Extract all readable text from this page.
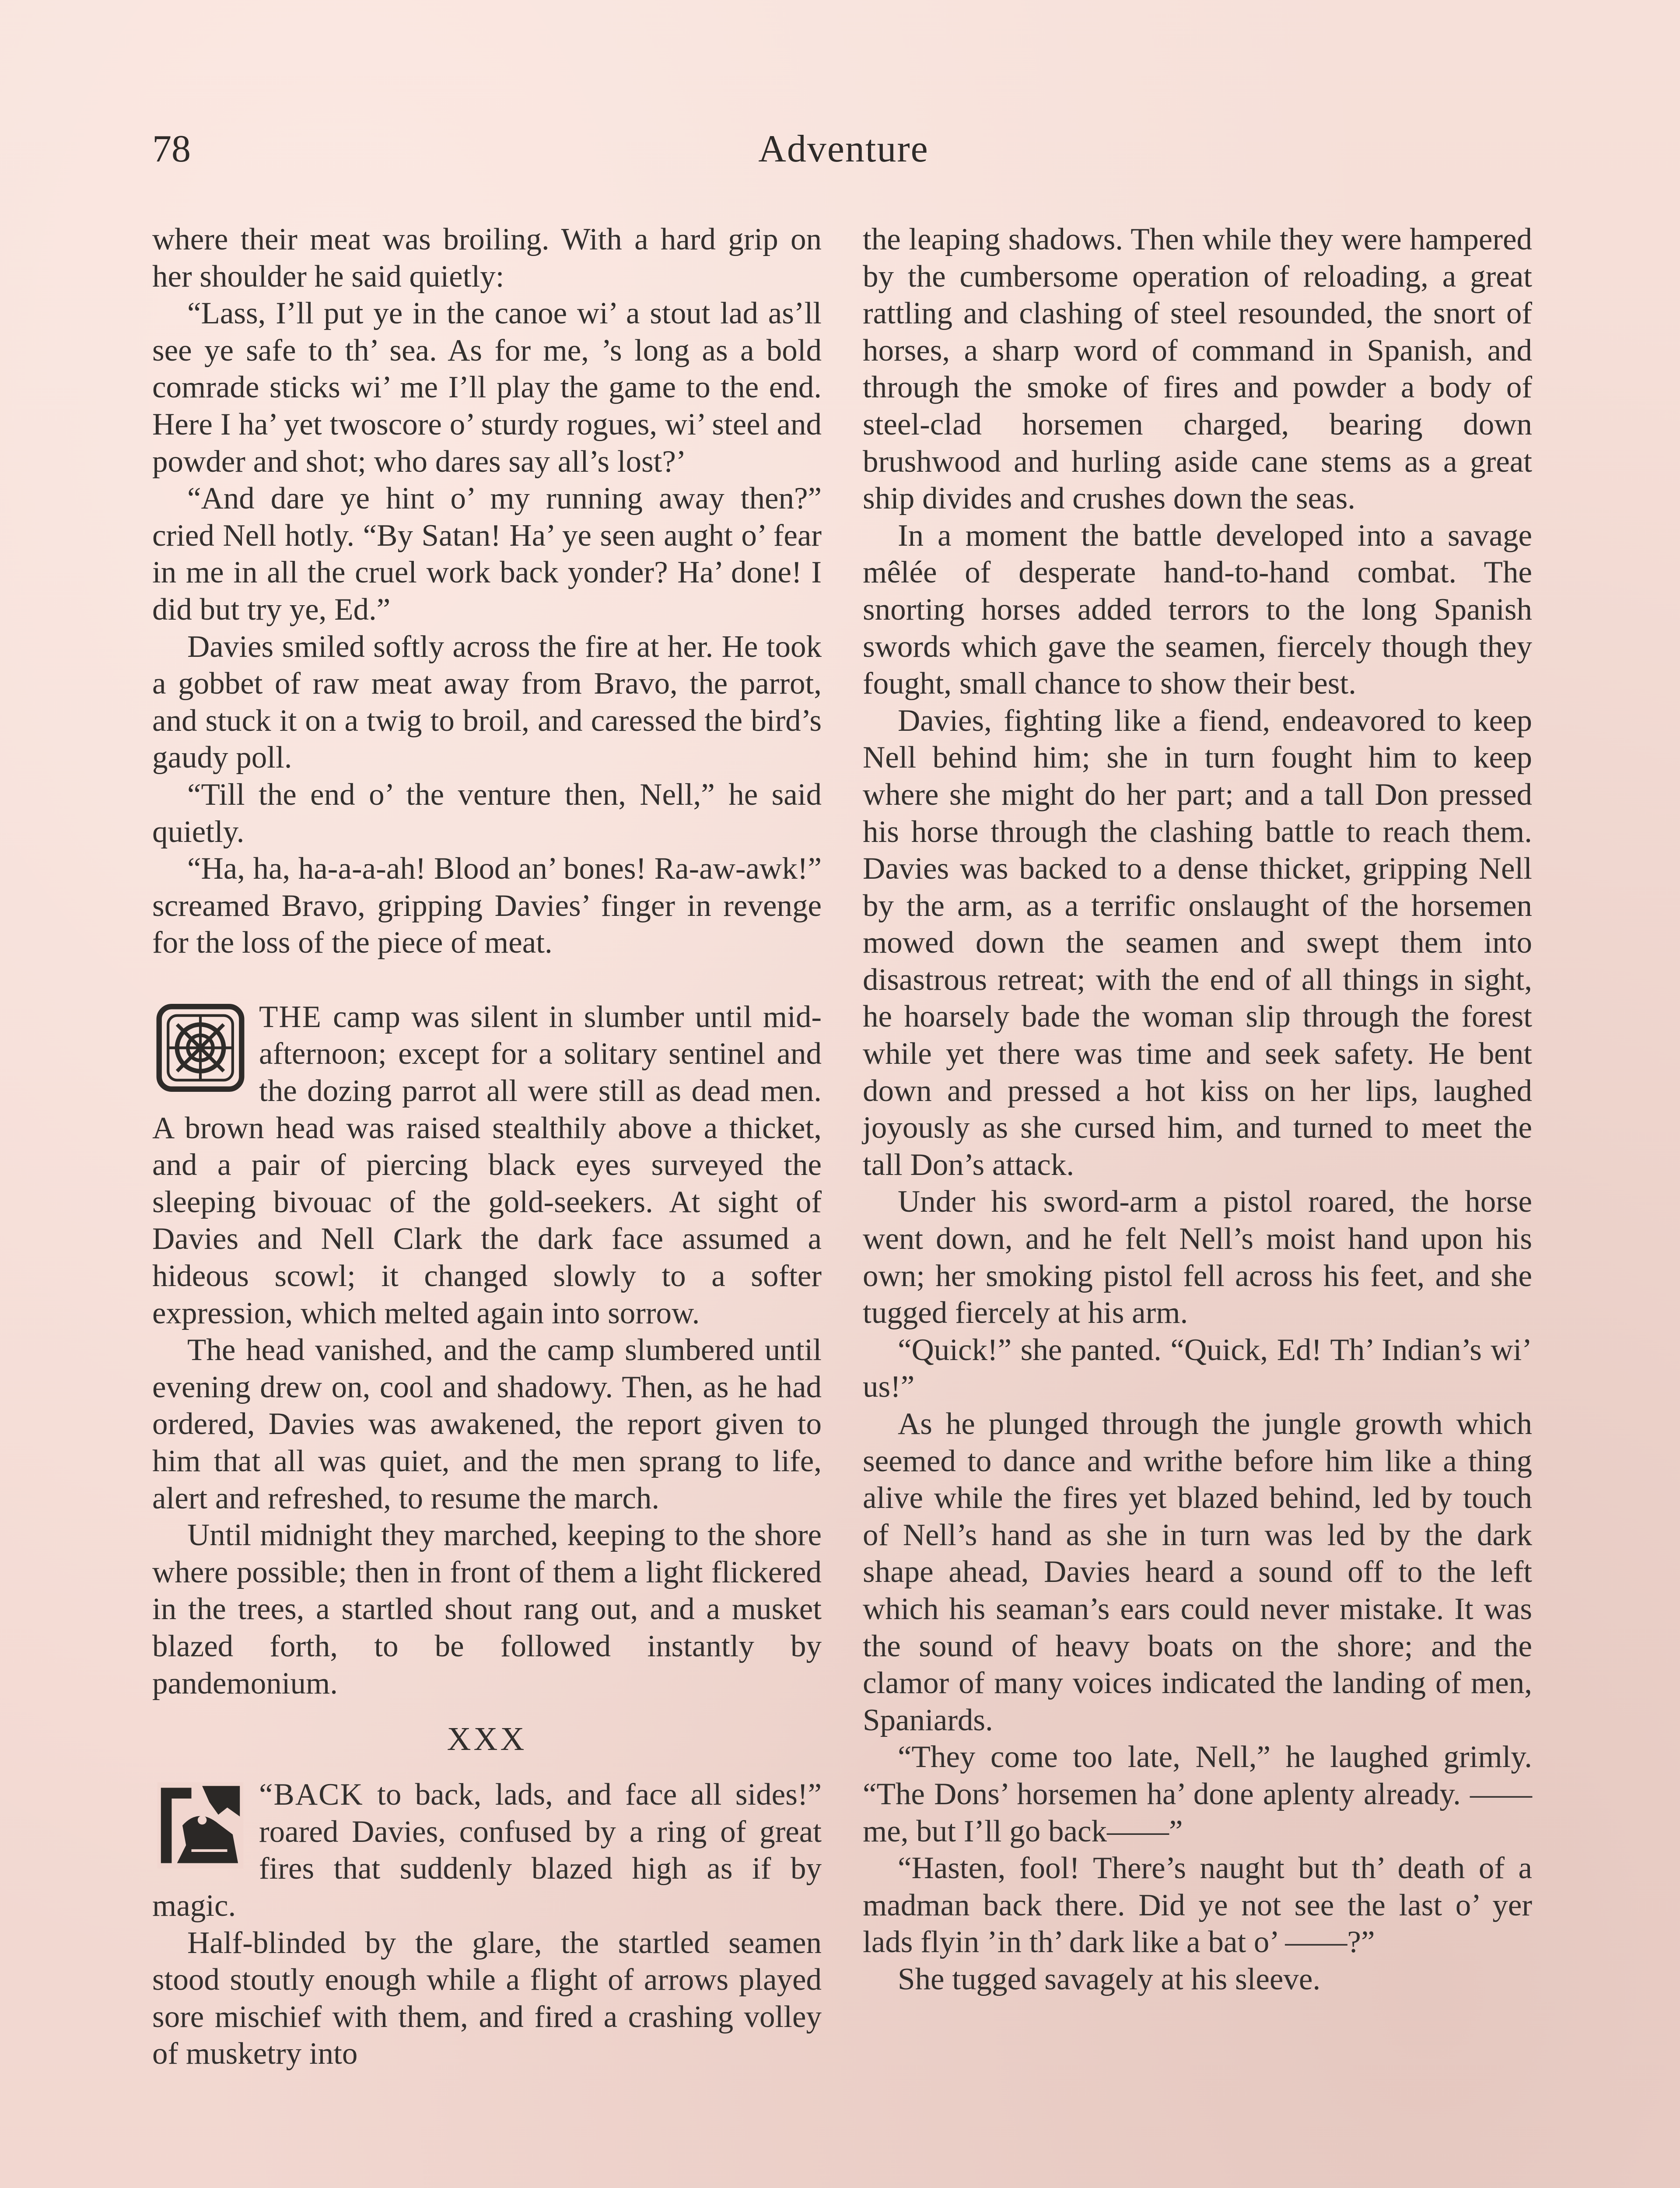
78	Adventure

where their meat was broiling. With a hard grip on her shoulder he said quietly:

“Lass, I’ll put ye in the canoe wi’ a stout lad as’ll see ye safe to th’ sea. As for me, ’s long as a bold comrade sticks wi’ me I’ll play the game to the end. Here I ha’ yet twoscore o’ sturdy rogues, wi’ steel and powder and shot; who dares say all’s lost?’

“And dare ye hint o’ my running away then?” cried Nell hotly. “By Satan! Ha’ ye seen aught o’ fear in me in all the cruel work back yonder? Ha’ done! I did but try ye, Ed.”

Davies smiled softly across the fire at her. He took a gobbet of raw meat away from Bravo, the parrot, and stuck it on a twig to broil, and caressed the bird’s gaudy poll.

“Till the end o’ the venture then, Nell,” he said quietly.

“Ha, ha, ha-a-a-ah! Blood an’ bones! Ra-aw-awk!” screamed Bravo, gripping Davies’ finger in revenge for the loss of the piece of meat.

THE camp was silent in slumber until mid-afternoon; except for a solitary sentinel and the dozing parrot all were still as dead men. A brown head was raised stealthily above a thicket, and a pair of piercing black eyes surveyed the sleeping bivouac of the gold-seekers. At sight of Davies and Nell Clark the dark face assumed a hideous scowl; it changed slowly to a softer expression, which melted again into sorrow.

The head vanished, and the camp slumbered until evening drew on, cool and shadowy. Then, as he had ordered, Davies was awakened, the report given to him that all was quiet, and the men sprang to life, alert and refreshed, to resume the march.

Until midnight they marched, keeping to the shore where possible; then in front of them a light flickered in the trees, a startled shout rang out, and a musket blazed forth, to be followed instantly by pandemonium.

XXX

“BACK to back, lads, and face all sides!” roared Davies, confused by a ring of great fires that suddenly blazed high as if by magic.

Half-blinded by the glare, the startled seamen stood stoutly enough while a flight of arrows played sore mischief with them, and fired a crashing volley of musketry into

the leaping shadows. Then while they were hampered by the cumbersome operation of reloading, a great rattling and clashing of steel resounded, the snort of horses, a sharp word of command in Spanish, and through the smoke of fires and powder a body of steel-clad horsemen charged, bearing down brushwood and hurling aside cane stems as a great ship divides and crushes down the seas.

In a moment the battle developed into a savage mêlée of desperate hand-to-hand combat. The snorting horses added terrors to the long Spanish swords which gave the seamen, fiercely though they fought, small chance to show their best.

Davies, fighting like a fiend, endeavored to keep Nell behind him; she in turn fought him to keep where she might do her part; and a tall Don pressed his horse through the clashing battle to reach them. Davies was backed to a dense thicket, gripping Nell by the arm, as a terrific onslaught of the horsemen mowed down the seamen and swept them into disastrous retreat; with the end of all things in sight, he hoarsely bade the woman slip through the forest while yet there was time and seek safety. He bent down and pressed a hot kiss on her lips, laughed joyously as she cursed him, and turned to meet the tall Don’s attack.

Under his sword-arm a pistol roared, the horse went down, and he felt Nell’s moist hand upon his own; her smoking pistol fell across his feet, and she tugged fiercely at his arm.

“Quick!” she panted. “Quick, Ed! Th’ Indian’s wi’ us!”

As he plunged through the jungle growth which seemed to dance and writhe before him like a thing alive while the fires yet blazed behind, led by touch of Nell’s hand as she in turn was led by the dark shape ahead, Davies heard a sound off to the left which his seaman’s ears could never mistake. It was the sound of heavy boats on the shore; and the clamor of many voices indicated the landing of men, Spaniards.

“They come too late, Nell,” he laughed grimly. “The Dons’ horsemen ha’ done aplenty already. —— me, but I’ll go back——”

“Hasten, fool! There’s naught but th’ death of a madman back there. Did ye not see the last o’ yer lads flyin ’in th’ dark like a bat o’ ——?”

She tugged savagely at his sleeve.
